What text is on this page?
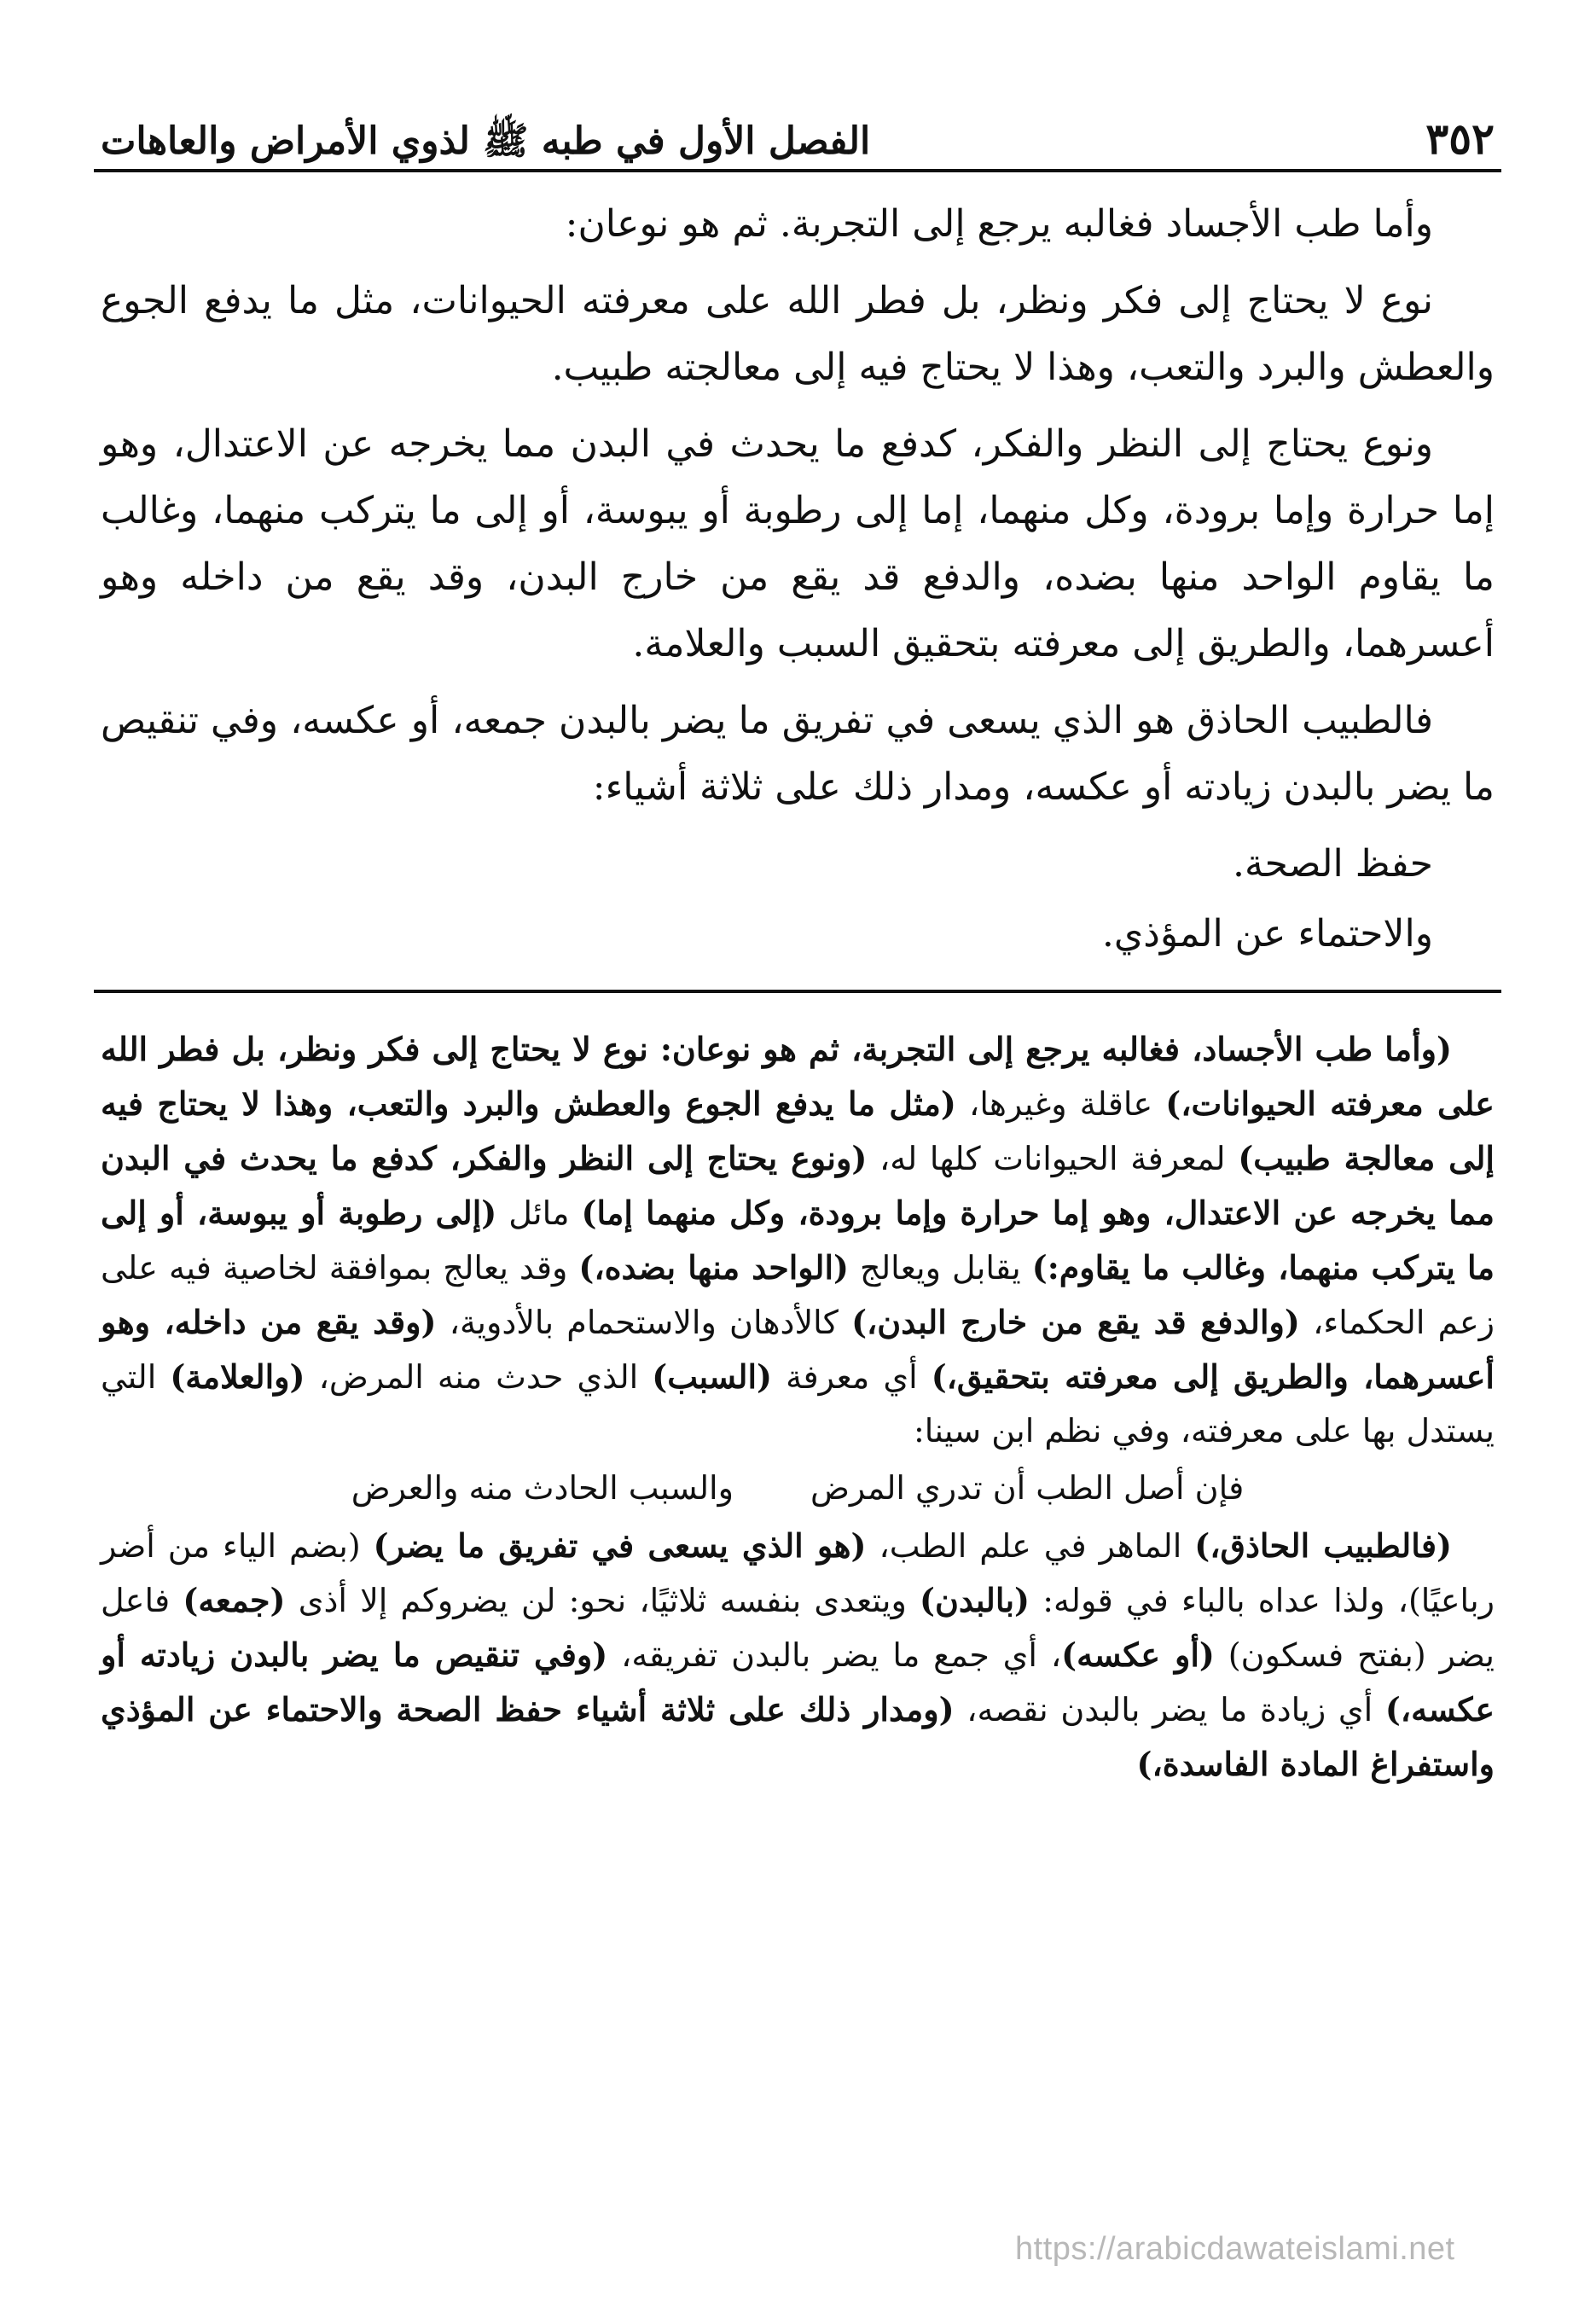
٣٥٢
الفصل الأول في طبه ﷺ لذوي الأمراض والعاهات

وأما طب الأجساد فغالبه يرجع إلى التجربة. ثم هو نوعان:

نوع لا يحتاج إلى فكر ونظر، بل فطر الله على معرفته الحيوانات، مثل ما يدفع الجوع والعطش والبرد والتعب، وهذا لا يحتاج فيه إلى معالجته طبيب.

ونوع يحتاج إلى النظر والفكر، كدفع ما يحدث في البدن مما يخرجه عن الاعتدال، وهو إما حرارة وإما برودة، وكل منهما، إما إلى رطوبة أو يبوسة، أو إلى ما يتركب منهما، وغالب ما يقاوم الواحد منها بضده، والدفع قد يقع من خارج البدن، وقد يقع من داخله وهو أعسرهما، والطريق إلى معرفته بتحقيق السبب والعلامة.

فالطبيب الحاذق هو الذي يسعى في تفريق ما يضر بالبدن جمعه، أو عكسه، وفي تنقيص ما يضر بالبدن زيادته أو عكسه، ومدار ذلك على ثلاثة أشياء:

حفظ الصحة.

والاحتماء عن المؤذي.

(وأما طب الأجساد، فغالبه يرجع إلى التجربة، ثم هو نوعان: نوع لا يحتاج إلى فكر ونظر، بل فطر الله على معرفته الحيوانات،) عاقلة وغيرها، (مثل ما يدفع الجوع والعطش والبرد والتعب، وهذا لا يحتاج فيه إلى معالجة طبيب) لمعرفة الحيوانات كلها له، (ونوع يحتاج إلى النظر والفكر، كدفع ما يحدث في البدن مما يخرجه عن الاعتدال، وهو إما حرارة وإما برودة، وكل منهما إما) مائل (إلى رطوبة أو يبوسة، أو إلى ما يتركب منهما، وغالب ما يقاوم:) يقابل ويعالج (الواحد منها بضده،) وقد يعالج بموافقة لخاصية فيه على زعم الحكماء، (والدفع قد يقع من خارج البدن،) كالأدهان والاستحمام بالأدوية، (وقد يقع من داخله، وهو أعسرهما، والطريق إلى معرفته بتحقيق،) أي معرفة (السبب) الذي حدث منه المرض، (والعلامة) التي يستدل بها على معرفته، وفي نظم ابن سينا:

فإن أصل الطب أن تدري المرض
والسبب الحادث منه والعرض

(فالطبيب الحاذق،) الماهر في علم الطب، (هو الذي يسعى في تفريق ما يضر) (بضم الياء من أضر رباعيًا)، ولذا عداه بالباء في قوله: (بالبدن) ويتعدى بنفسه ثلاثيًا، نحو: لن يضروكم إلا أذى (جمعه) فاعل يضر (بفتح فسكون) (أو عكسه)، أي جمع ما يضر بالبدن تفريقه، (وفي تنقيص ما يضر بالبدن زيادته أو عكسه،) أي زيادة ما يضر بالبدن نقصه، (ومدار ذلك على ثلاثة أشياء حفظ الصحة والاحتماء عن المؤذي واستفراغ المادة الفاسدة،)

https://arabicdawateislami.net
